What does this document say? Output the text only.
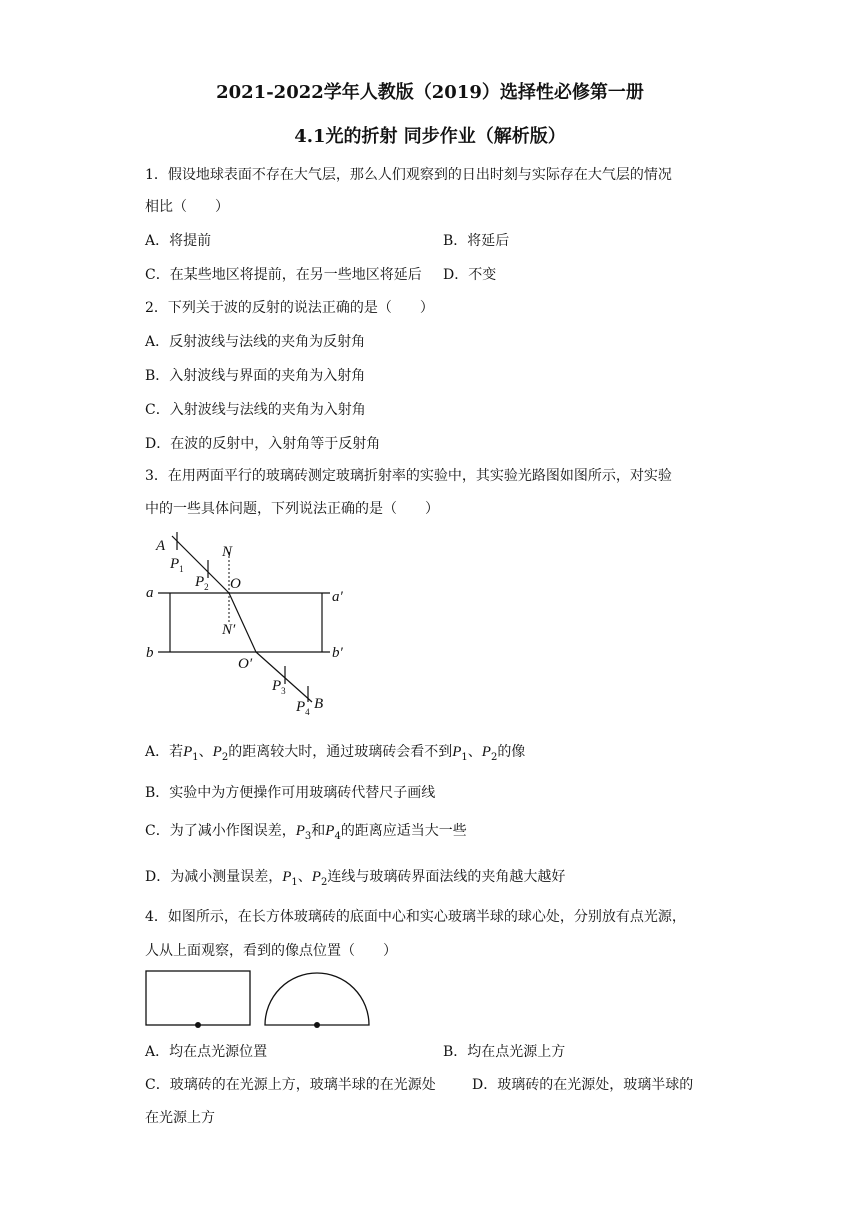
2021-2022学年人教版（2019）选择性必修第一册
4.1光的折射 同步作业（解析版）
1．假设地球表面不存在大气层，那么人们观察到的日出时刻与实际存在大气层的情况
相比（　　）
A．将提前	B．将延后
C．在某些地区将提前，在另一些地区将延后 D．不变
2．下列关于波的反射的说法正确的是（　　）
A．反射波线与法线的夹角为反射角
B．入射波线与界面的夹角为入射角
C．入射波线与法线的夹角为入射角
D．在波的反射中，入射角等于反射角
3．在用两面平行的玻璃砖测定玻璃折射率的实验中，其实验光路图如图所示，对实验
中的一些具体问题，下列说法正确的是（　　）
A	N
$P_1$
$P_2$ O
a	a′
N′
b	b′
O′
$P_3$
$P_4$ B
A．若$P_1$、$P_2$的距离较大时，通过玻璃砖会看不到$P_1$、$P_2$的像
B．实验中为方便操作可用玻璃砖代替尺子画线
C．为了减小作图误差，$P_3$和$P_4$的距离应适当大一些
D．为减小测量误差，$P_1$、$P_2$连线与玻璃砖界面法线的夹角越大越好
4．如图所示，在长方体玻璃砖的底面中心和实心玻璃半球的球心处，分别放有点光源，
人从上面观察，看到的像点位置（　　）
A．均在点光源位置	B．均在点光源上方
C．玻璃砖的在光源上方，玻璃半球的在光源处	D．玻璃砖的在光源处，玻璃半球的
在光源上方
